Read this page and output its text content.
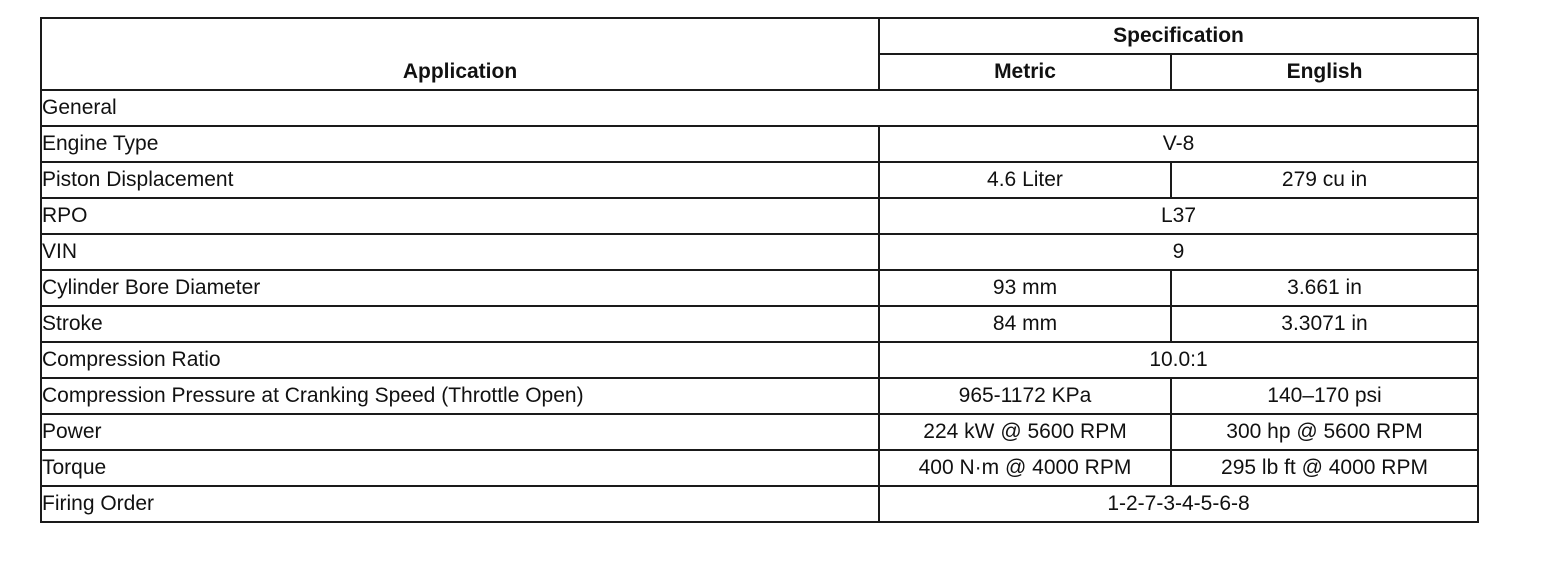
Application	Specification	
	Metric	English
General		
Engine Type	V-8	
Piston Displacement	4.6 Liter	279 cu in
RPO	L37	
VIN	9	
Cylinder Bore Diameter	93 mm	3.661 in
Stroke	84 mm	3.3071 in
Compression Ratio	10.0:1	
Compression Pressure at Cranking Speed (Throttle Open)	965-1172 KPa	140–170 psi
Power	224 kW @ 5600 RPM	300 hp @ 5600 RPM
Torque	400 N·m @ 4000 RPM	295 lb ft @ 4000 RPM
Firing Order	1-2-7-3-4-5-6-8	
